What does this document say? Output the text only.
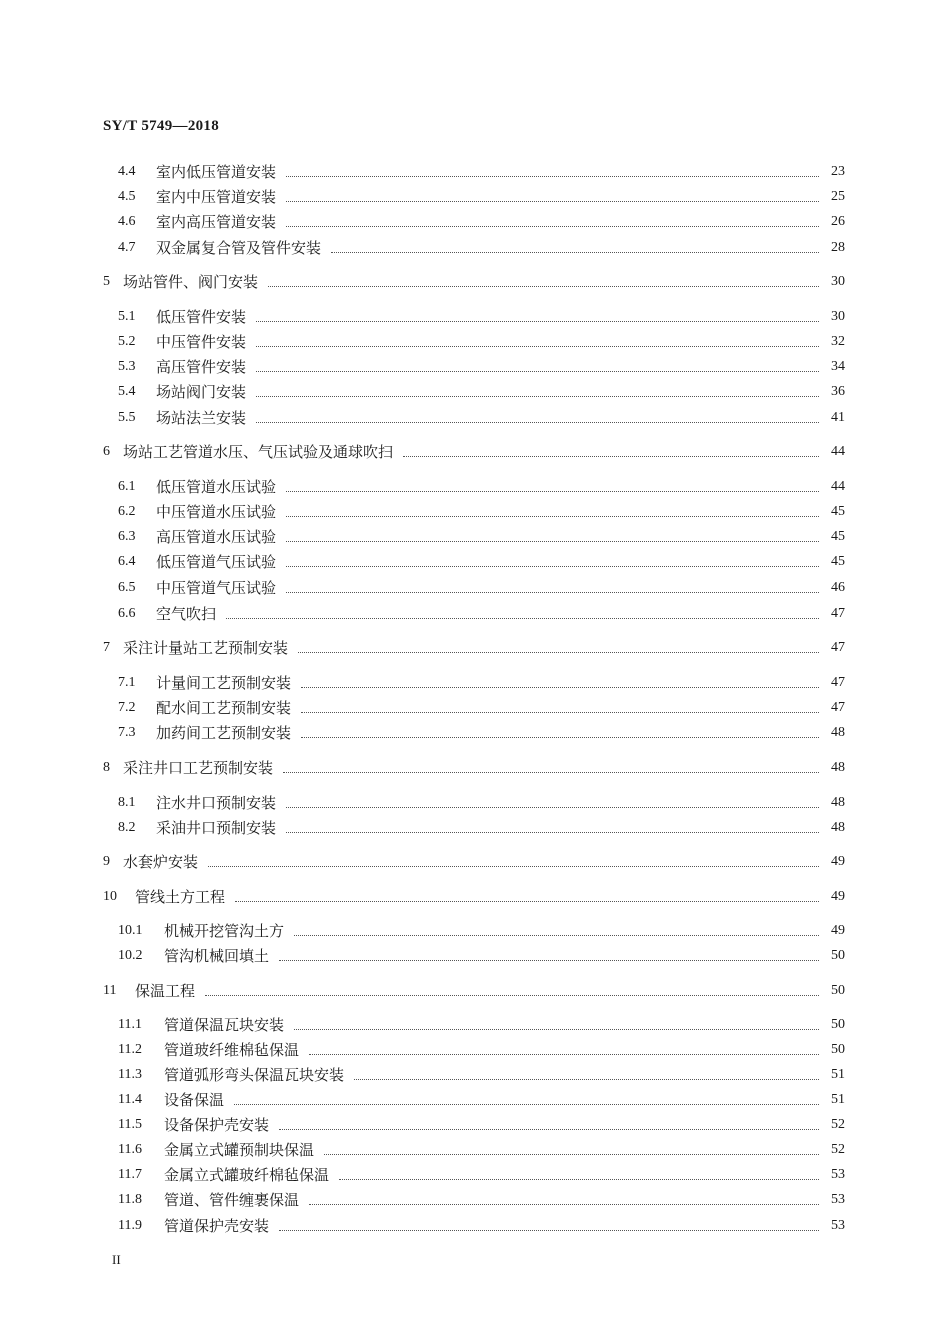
SY/T 5749—2018
4.4	室内低压管道安装	23
4.5	室内中压管道安装	25
4.6	室内高压管道安装	26
4.7	双金属复合管及管件安装	28
5 场站管件、阀门安装	30
5.1	低压管件安装	30
5.2	中压管件安装	32
5.3	高压管件安装	34
5.4	场站阀门安装	36
5.5	场站法兰安装	41
6 场站工艺管道水压、气压试验及通球吹扫	44
6.1	低压管道水压试验	44
6.2	中压管道水压试验	45
6.3	高压管道水压试验	45
6.4	低压管道气压试验	45
6.5	中压管道气压试验	46
6.6	空气吹扫	47
7 采注计量站工艺预制安装	47
7.1	计量间工艺预制安装	47
7.2	配水间工艺预制安装	47
7.3	加药间工艺预制安装	48
8 采注井口工艺预制安装	48
8.1	注水井口预制安装	48
8.2	采油井口预制安装	48
9 水套炉安装	49
10	管线土方工程	49
10.1	机械开挖管沟土方	49
10.2	管沟机械回填土	50
11	保温工程	50
11.1	管道保温瓦块安装	50
11.2	管道玻纤维棉毡保温	50
11.3	管道弧形弯头保温瓦块安装	51
11.4	设备保温	51
11.5	设备保护壳安装	52
11.6	金属立式罐预制块保温	52
11.7	金属立式罐玻纤棉毡保温	53
11.8	管道、管件缠裹保温	53
11.9	管道保护壳安装	53
II
